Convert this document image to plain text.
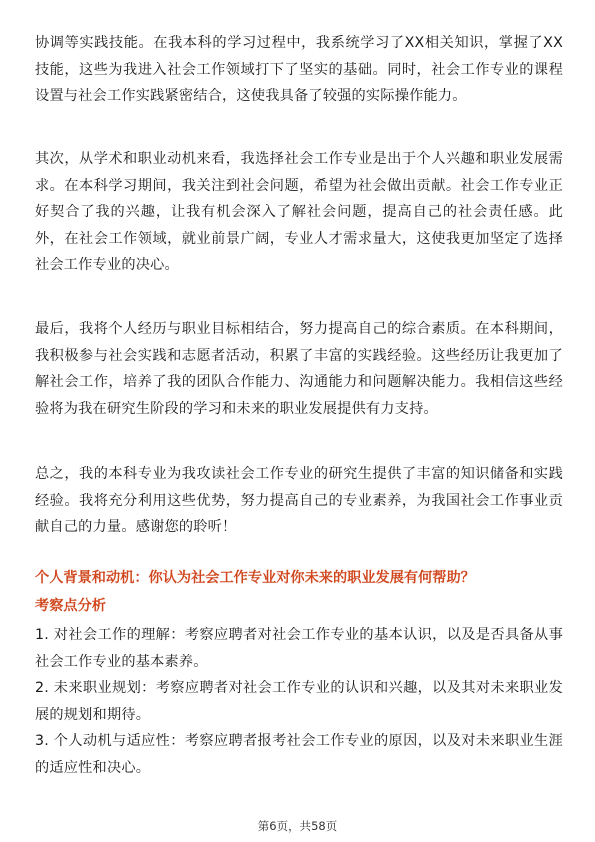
协调等实践技能。在我本科的学习过程中，我系统学习了XX相关知识，掌握了XX技能，这些为我进入社会工作领域打下了坚实的基础。同时，社会工作专业的课程设置与社会工作实践紧密结合，这使我具备了较强的实际操作能力。

其次，从学术和职业动机来看，我选择社会工作专业是出于个人兴趣和职业发展需求。在本科学习期间，我关注到社会问题，希望为社会做出贡献。社会工作专业正好契合了我的兴趣，让我有机会深入了解社会问题，提高自己的社会责任感。此外，在社会工作领域，就业前景广阔，专业人才需求量大，这使我更加坚定了选择社会工作专业的决心。

最后，我将个人经历与职业目标相结合，努力提高自己的综合素质。在本科期间，我积极参与社会实践和志愿者活动，积累了丰富的实践经验。这些经历让我更加了解社会工作，培养了我的团队合作能力、沟通能力和问题解决能力。我相信这些经验将为我在研究生阶段的学习和未来的职业发展提供有力支持。

总之，我的本科专业为我攻读社会工作专业的研究生提供了丰富的知识储备和实践经验。我将充分利用这些优势，努力提高自己的专业素养，为我国社会工作事业贡献自己的力量。感谢您的聆听！

个人背景和动机：你认为社会工作专业对你未来的职业发展有何帮助？

考察点分析

1. 对社会工作的理解：考察应聘者对社会工作专业的基本认识，以及是否具备从事社会工作专业的基本素养。
2. 未来职业规划：考察应聘者对社会工作专业的认识和兴趣，以及其对未来职业发展的规划和期待。
3. 个人动机与适应性：考察应聘者报考社会工作专业的原因，以及对未来职业生涯的适应性和决心。
第6页，共58页
